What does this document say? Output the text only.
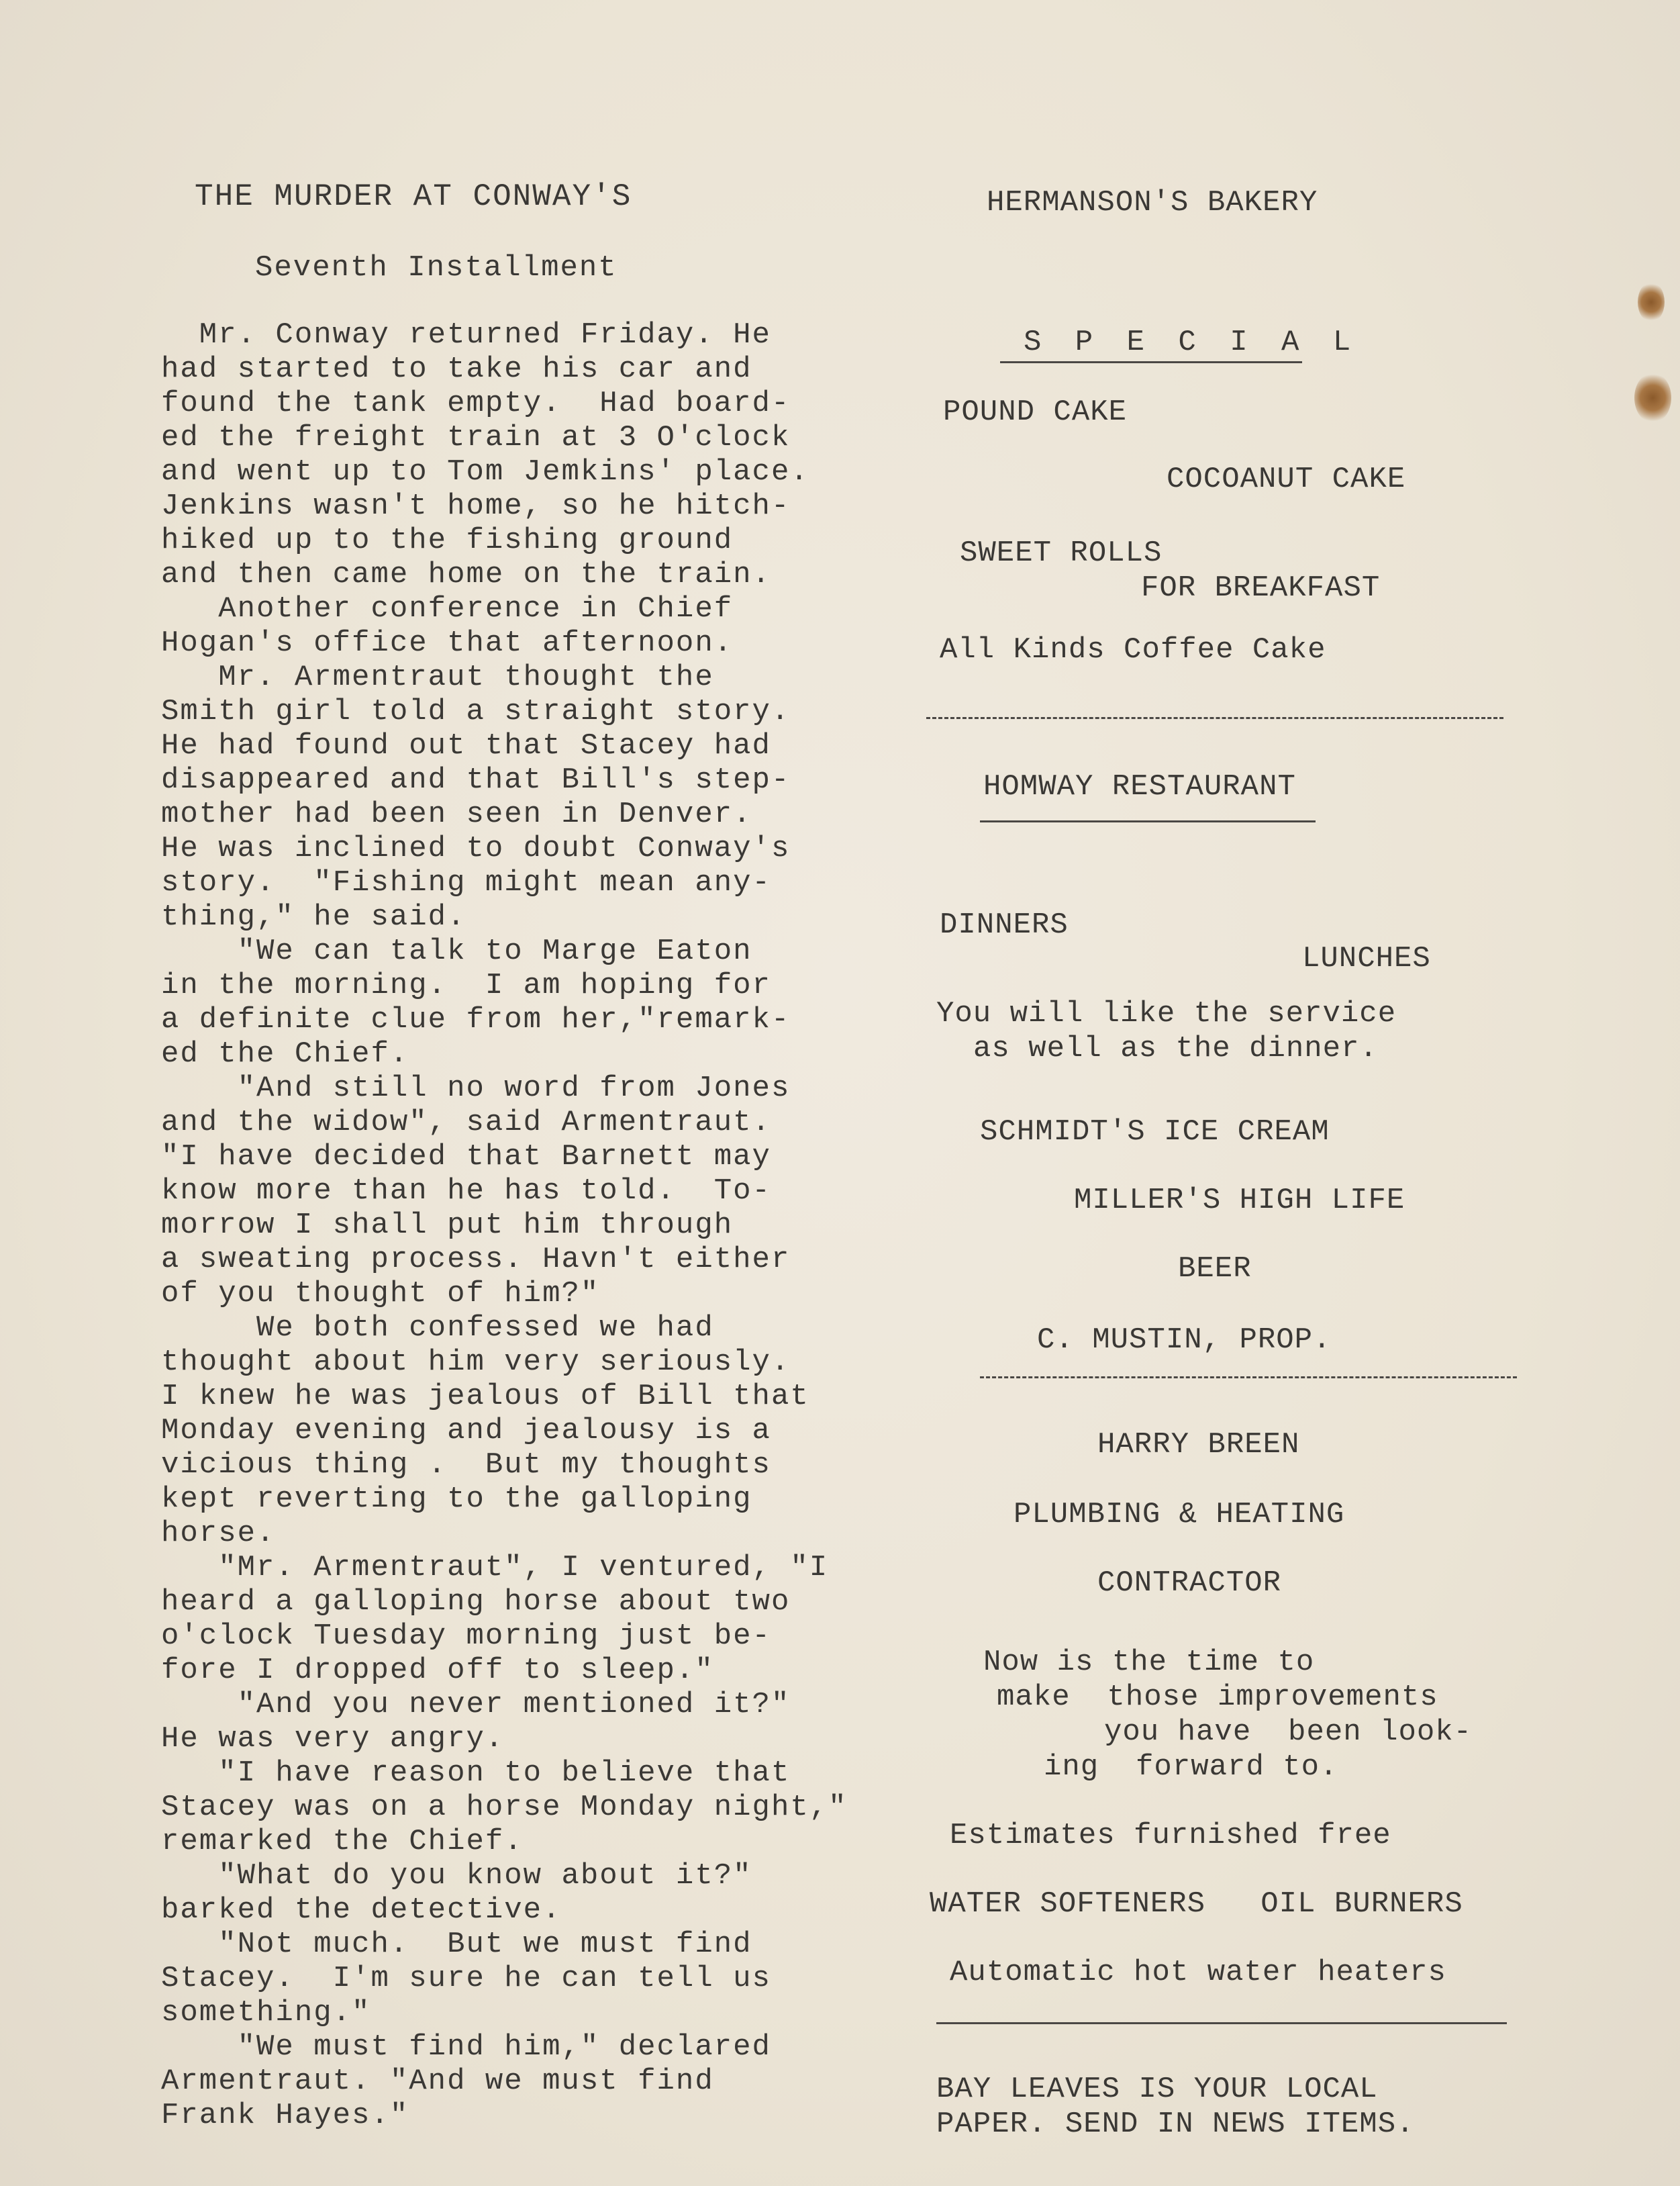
THE MURDER AT CONWAY'S
Seventh Installment

Mr. Conway returned Friday. He

had started to take his car and

found the tank empty.  Had board-

ed the freight train at 3 O'clock

and went up to Tom Jemkins' place.

Jenkins wasn't home, so he hitch-

hiked up to the fishing ground

and then came home on the train.

Another conference in Chief

Hogan's office that afternoon.

Mr. Armentraut thought the

Smith girl told a straight story.

He had found out that Stacey had

disappeared and that Bill's step-

mother had been seen in Denver.

He was inclined to doubt Conway's

story.  "Fishing might mean any-

thing," he said.

"We can talk to Marge Eaton

in the morning.  I am hoping for

a definite clue from her,"remark-

ed the Chief.

"And still no word from Jones

and the widow", said Armentraut.

"I have decided that Barnett may

know more than he has told.  To-

morrow I shall put him through

a sweating process. Havn't either

of you thought of him?"

We both confessed we had

thought about him very seriously.

I knew he was jealous of Bill that

Monday evening and jealousy is a

vicious thing .  But my thoughts

kept reverting to the galloping

horse.

"Mr. Armentraut", I ventured, "I

heard a galloping horse about two

o'clock Tuesday morning just be-

fore I dropped off to sleep."

"And you never mentioned it?"

He was very angry.

"I have reason to believe that

Stacey was on a horse Monday night,"

remarked the Chief.

"What do you know about it?"

barked the detective.

"Not much.  But we must find

Stacey.  I'm sure he can tell us

something."

"We must find him," declared

Armentraut. "And we must find

Frank Hayes."

HERMANSON'S BAKERY
S P E C I A L
POUND CAKE
COCOANUT CAKE
SWEET ROLLS
FOR BREAKFAST
All Kinds Coffee Cake
HOMWAY RESTAURANT
DINNERS
LUNCHES
You will like the service
as well as the dinner.
SCHMIDT'S ICE CREAM
MILLER'S HIGH LIFE
BEER
C. MUSTIN, PROP.
HARRY BREEN
PLUMBING & HEATING
CONTRACTOR
Now is the time to
make  those improvements
you have  been look-
ing  forward to.
Estimates furnished free
WATER SOFTENERS   OIL BURNERS
Automatic hot water heaters
BAY LEAVES IS YOUR LOCAL
PAPER. SEND IN NEWS ITEMS.
